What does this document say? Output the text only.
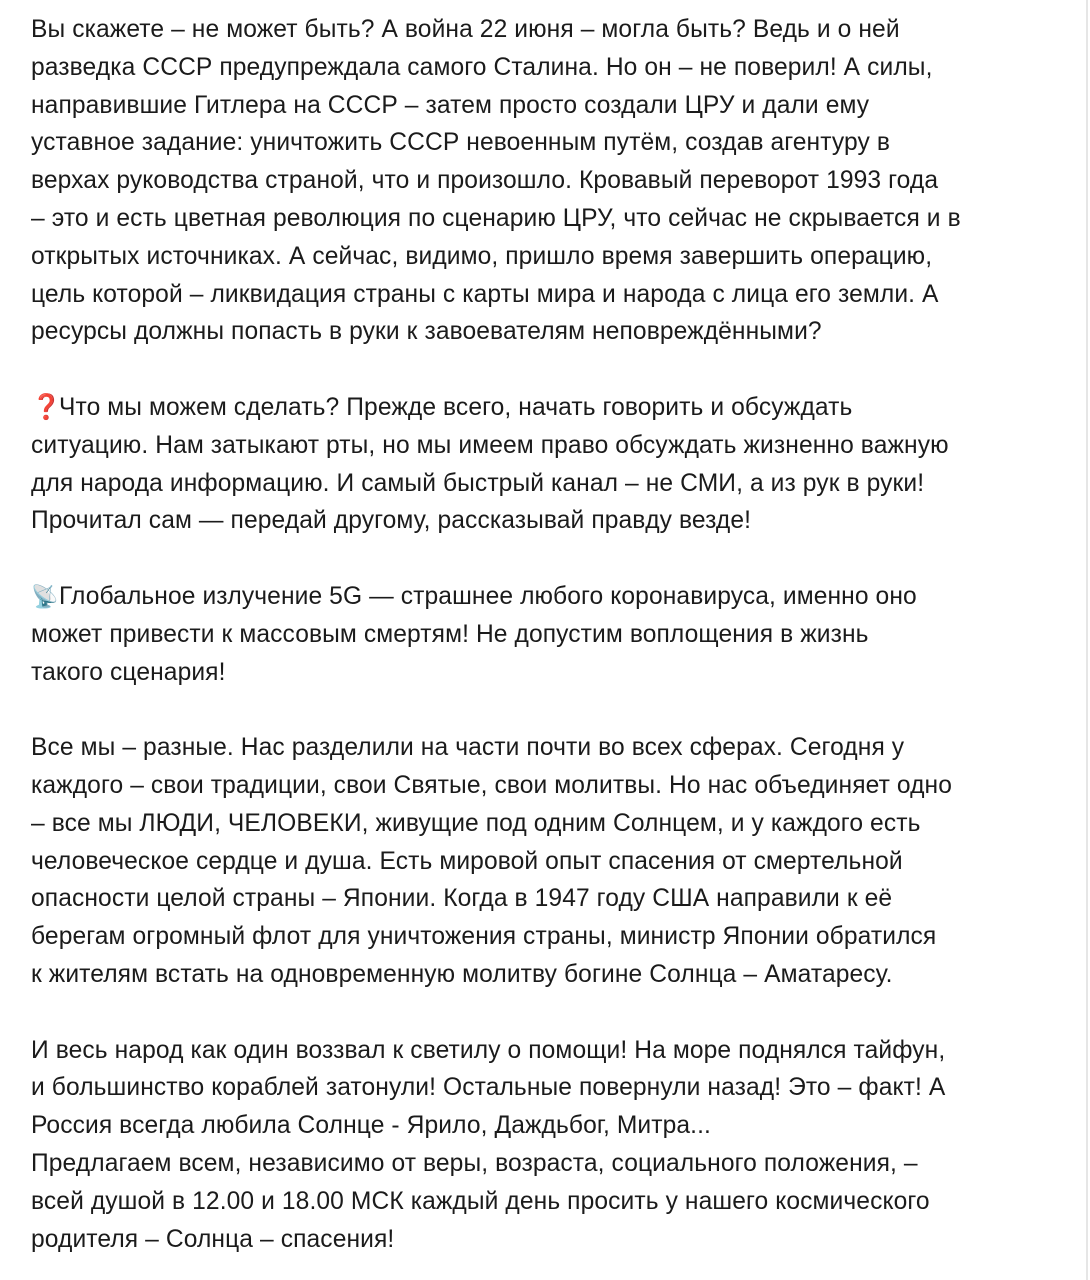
Вы скажете – не может быть? А война 22 июня – могла быть? Ведь и о ней
разведка СССР предупреждала самого Сталина. Но он – не поверил! А силы,
направившие Гитлера на СССР – затем просто создали ЦРУ и дали ему
уставное задание: уничтожить СССР невоенным путём, создав агентуру в
верхах руководства страной, что и произошло. Кровавый переворот 1993 года
– это и есть цветная революция по сценарию ЦРУ, что сейчас не скрывается и в
открытых источниках. А сейчас, видимо, пришло время завершить операцию,
цель которой – ликвидация страны с карты мира и народа с лица его земли. А
ресурсы должны попасть в руки к завоевателям неповреждёнными?
❓Что мы можем сделать? Прежде всего, начать говорить и обсуждать
ситуацию. Нам затыкают рты, но мы имеем право обсуждать жизненно важную
для народа информацию. И самый быстрый канал – не СМИ, а из рук в руки!
Прочитал сам — передай другому, рассказывай правду везде!
📡Глобальное излучение 5G — страшнее любого коронавируса, именно оно
может привести к массовым смертям! Не допустим воплощения в жизнь
такого сценария!
Все мы – разные. Нас разделили на части почти во всех сферах. Сегодня у
каждого – свои традиции, свои Святые, свои молитвы. Но нас объединяет одно
– все мы ЛЮДИ, ЧЕЛОВЕКИ, живущие под одним Солнцем, и у каждого есть
человеческое сердце и душа. Есть мировой опыт спасения от смертельной
опасности целой страны – Японии. Когда в 1947 году США направили к её
берегам огромный флот для уничтожения страны, министр Японии обратился
к жителям встать на одновременную молитву богине Солнца – Аматаресу.
И весь народ как один воззвал к светилу о помощи! На море поднялся тайфун,
и большинство кораблей затонули! Остальные повернули назад! Это – факт! А
Россия всегда любила Солнце - Ярило, Даждьбог, Митра...
Предлагаем всем, независимо от веры, возраста, социального положения, –
всей душой в 12.00 и 18.00 МСК каждый день просить у нашего космического
родителя – Солнца – спасения!
